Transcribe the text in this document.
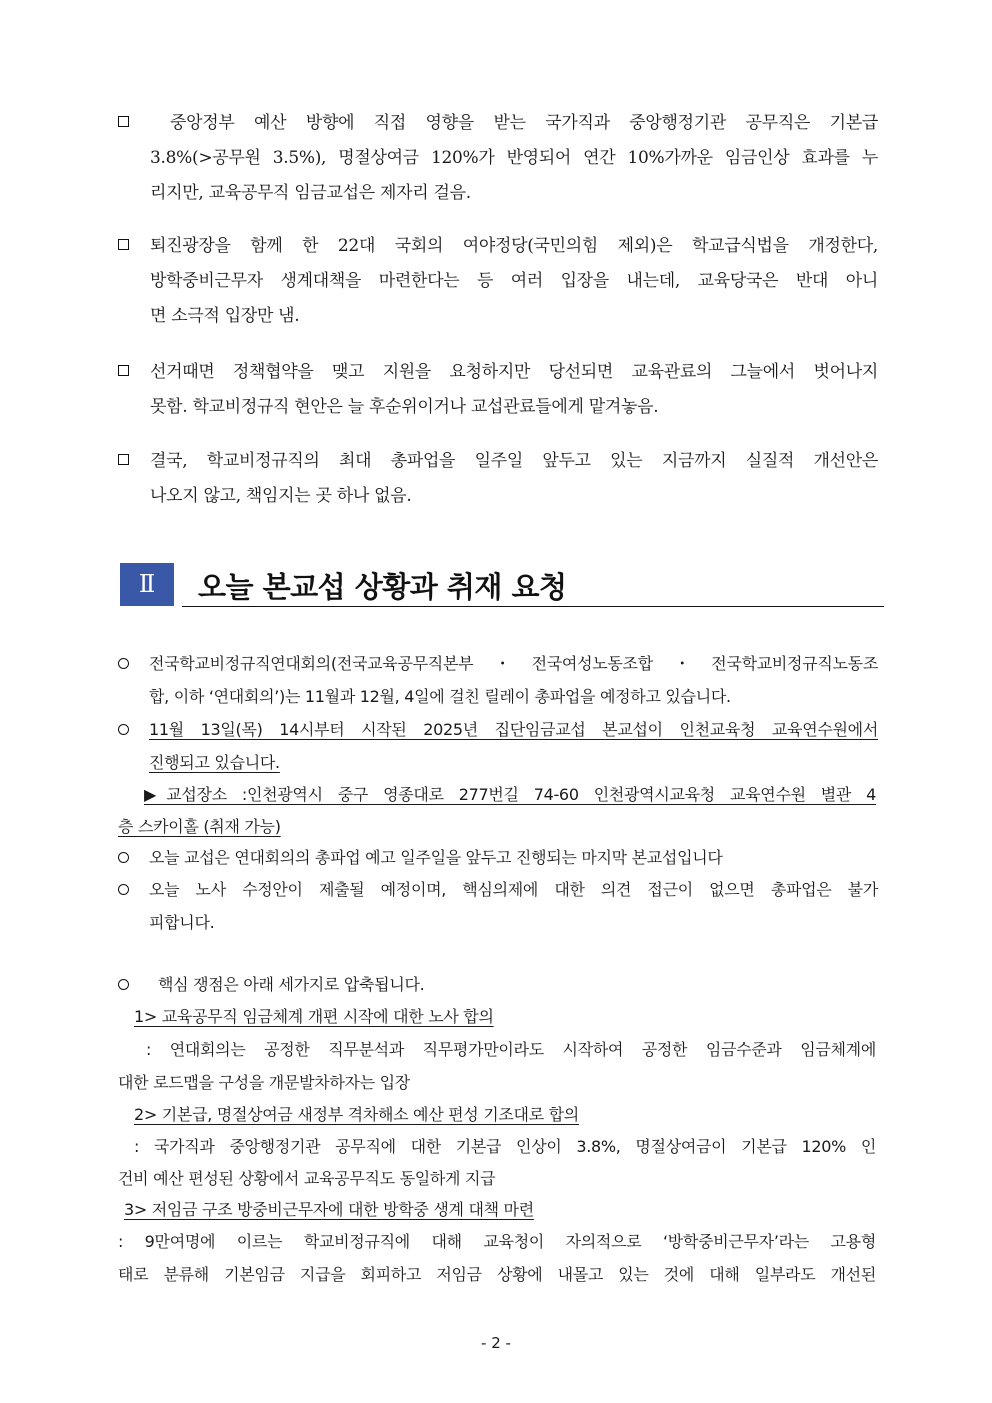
중앙정부 예산 방향에 직접 영향을 받는 국가직과 중앙행정기관 공무직은 기본급
3.8%(>공무원 3.5%), 명절상여금 120%가 반영되어 연간 10%가까운 임금인상 효과를 누
리지만, 교육공무직 임금교섭은 제자리 걸음.
퇴진광장을 함께 한 22대 국회의 여야정당(국민의힘 제외)은 학교급식법을 개정한다,
방학중비근무자 생계대책을 마련한다는 등 여러 입장을 내는데, 교육당국은 반대 아니
면 소극적 입장만 냄.
선거때면 정책협약을 맺고 지원을 요청하지만 당선되면 교육관료의 그늘에서 벗어나지
못함. 학교비정규직 현안은 늘 후순위이거나 교섭관료들에게 맡겨놓음.
결국, 학교비정규직의 최대 총파업을 일주일 앞두고 있는 지금까지 실질적 개선안은
나오지 않고, 책임지는 곳 하나 없음.
Ⅱ	오늘 본교섭 상황과 취재 요청
전국학교비정규직연대회의(전국교육공무직본부・전국여성노동조합・전국학교비정규직노동조
합, 이하 ‘연대회의’)는 11월과 12월, 4일에 걸친 릴레이 총파업을 예정하고 있습니다.
11월 13일(목) 14시부터 시작된 2025년 집단임금교섭 본교섭이 인천교육청 교육연수원에서
진행되고 있습니다.
▶교섭장소 :인천광역시 중구 영종대로 277번길 74-60 인천광역시교육청 교육연수원 별관 4
층 스카이홀 (취재 가능)
오늘 교섭은 연대회의의 총파업 예고 일주일을 앞두고 진행되는 마지막 본교섭입니다
오늘 노사 수정안이 제출될 예정이며, 핵심의제에 대한 의견 접근이 없으면 총파업은 불가
피합니다.
핵심 쟁점은 아래 세가지로 압축됩니다.
1> 교육공무직 임금체계 개편 시작에 대한 노사 합의
: 연대회의는 공정한 직무분석과 직무평가만이라도 시작하여 공정한 임금수준과 임금체계에
대한 로드맵을 구성을 개문발차하자는 입장
2> 기본급, 명절상여금 새정부 격차해소 예산 편성 기조대로 합의
: 국가직과 중앙행정기관 공무직에 대한 기본급 인상이 3.8%, 명절상여금이 기본급 120% 인
건비 예산 편성된 상황에서 교육공무직도 동일하게 지급
3> 저임금 구조 방중비근무자에 대한 방학중 생계 대책 마련
: 9만여명에 이르는 학교비정규직에 대해 교육청이 자의적으로 ‘방학중비근무자’라는 고용형
태로 분류해 기본임금 지급을 회피하고 저임금 상황에 내몰고 있는 것에 대해 일부라도 개선된
- 2 -
